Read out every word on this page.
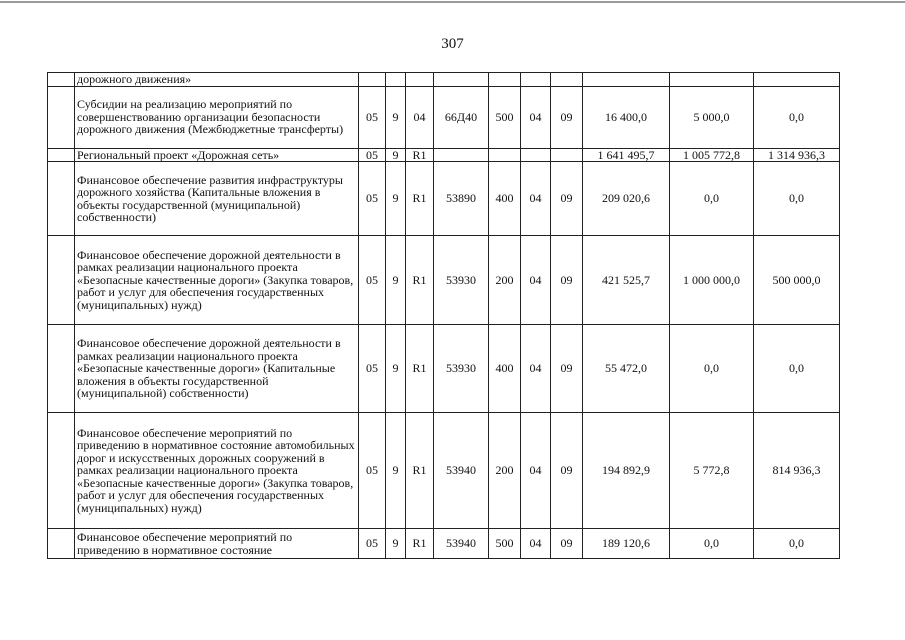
307
	дорожного движения»										
	Субсидии на реализацию мероприятий по совершенствованию организации безопасности дорожного движения (Межбюджетные трансферты)	05	9	04	66Д40	500	04	09	16 400,0	5 000,0	0,0
	Региональный проект «Дорожная сеть»	05	9	R1					1 641 495,7	1 005 772,8	1 314 936,3
	Финансовое обеспечение развития инфраструктуры дорожного хозяйства (Капитальные вложения в объекты государственной (муниципальной) собственности)	05	9	R1	53890	400	04	09	209 020,6	0,0	0,0
	Финансовое обеспечение дорожной деятельности в рамках реализации национального проекта «Безопасные качественные дороги» (Закупка товаров, работ и услуг для обеспечения государственных (муниципальных) нужд)	05	9	R1	53930	200	04	09	421 525,7	1 000 000,0	500 000,0
	Финансовое обеспечение дорожной деятельности в рамках реализации национального проекта «Безопасные качественные дороги» (Капитальные вложения в объекты государственной (муниципальной) собственности)	05	9	R1	53930	400	04	09	55 472,0	0,0	0,0
	Финансовое обеспечение мероприятий по приведению в нормативное состояние автомобильных дорог и искусственных дорожных сооружений в рамках реализации национального проекта «Безопасные качественные дороги» (Закупка товаров, работ и услуг для обеспечения государственных (муниципальных) нужд)	05	9	R1	53940	200	04	09	194 892,9	5 772,8	814 936,3
	Финансовое обеспечение мероприятий по приведению в нормативное состояние	05	9	R1	53940	500	04	09	189 120,6	0,0	0,0
